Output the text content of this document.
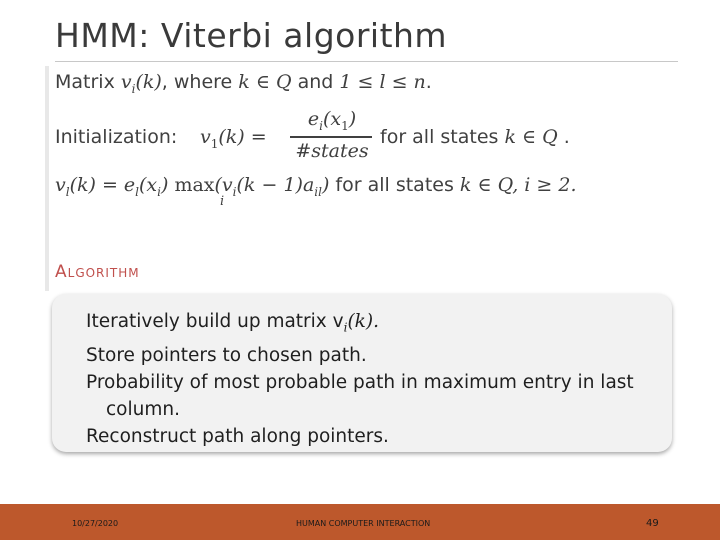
HMM: Viterbi algorithm
Matrix $v_i(k)$, where k ∈ Q and 1 ≤ l ≤ n.
Initialization: $v_1(k)$ =
$e_i(x_1)$
#states
for all states k ∈ Q .
$v_l(k) = e_l(x_i) \max(v_i(k - 1)a_{il})$ for all states k ∈ Q, i ≥ 2.
i
Algorithm
Iteratively build up matrix $v_i(k)$.
Store pointers to chosen path.
Probability of most probable path in maximum entry in last
column.
Reconstruct path along pointers.
10/27/2020	HUMAN COMPUTER INTERACTION	49
